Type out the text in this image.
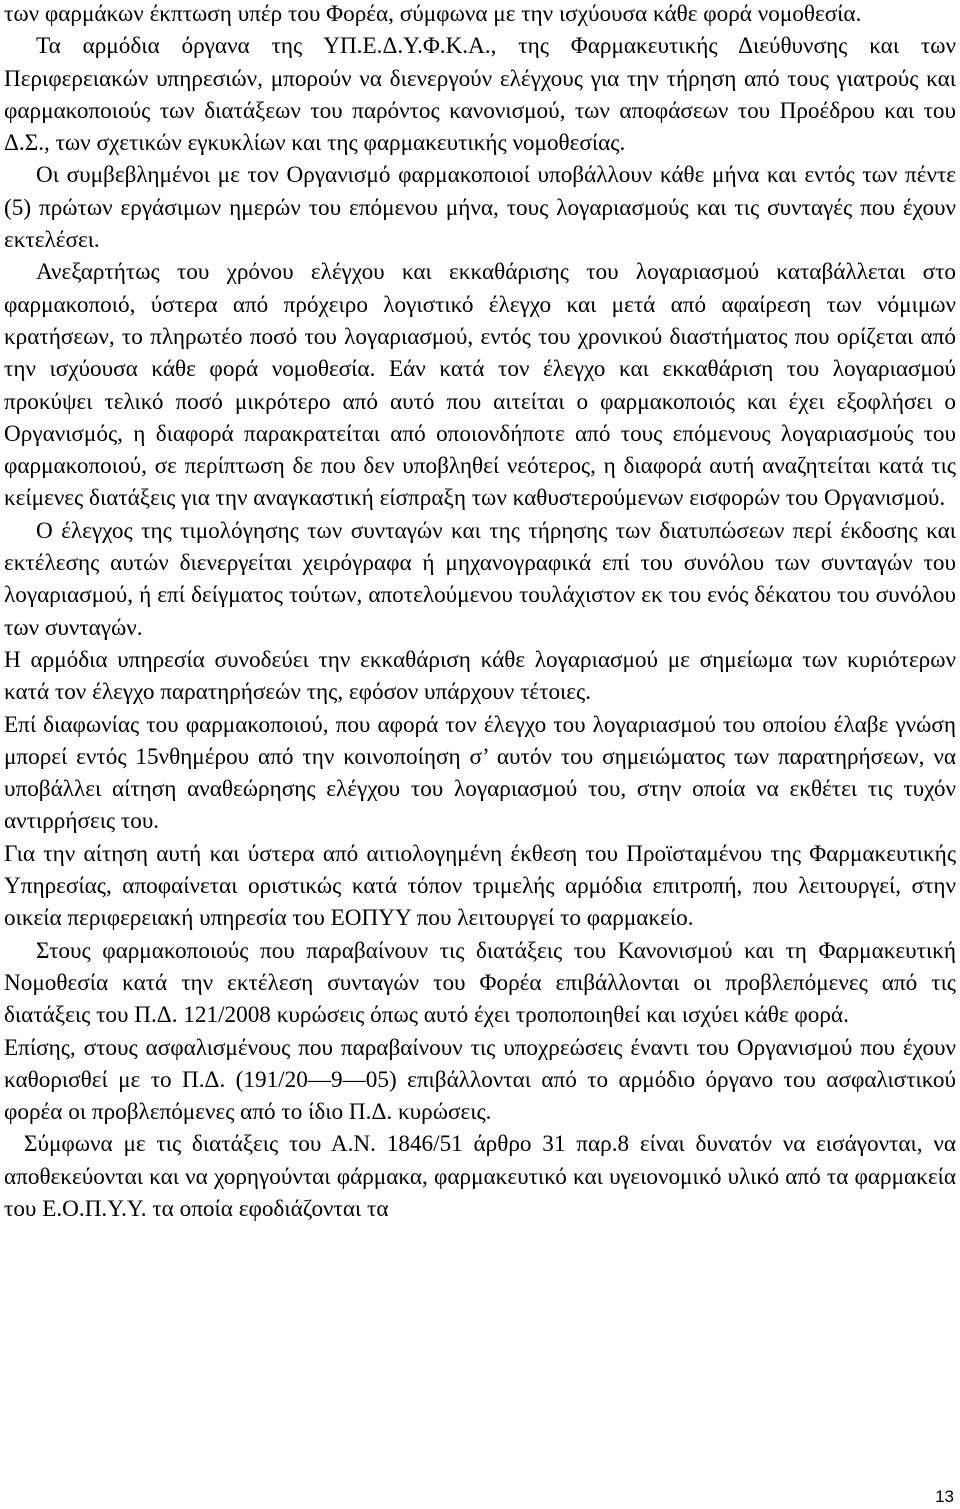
των φαρμάκων έκπτωση υπέρ του Φορέα, σύμφωνα με την ισχύουσα κάθε φορά νομοθεσία.

Τα αρμόδια όργανα της ΥΠ.Ε.Δ.Υ.Φ.Κ.Α., της Φαρμακευτικής Διεύθυνσης και των Περιφερειακών υπηρεσιών, μπορούν να διενεργούν ελέγχους για την τήρηση από τους γιατρούς και φαρμακοποιούς των διατάξεων του παρόντος κανονισμού, των αποφάσεων του Προέδρου και του Δ.Σ., των σχετικών εγκυκλίων και της φαρμακευτικής νομοθεσίας.

Οι συμβεβλημένοι με τον Οργανισμό φαρμακοποιοί υποβάλλουν κάθε μήνα και εντός των πέντε (5) πρώτων εργάσιμων ημερών του επόμενου μήνα, τους λογαριασμούς και τις συνταγές που έχουν εκτελέσει.

Ανεξαρτήτως του χρόνου ελέγχου και εκκαθάρισης του λογαριασμού καταβάλλεται στο φαρμακοποιό, ύστερα από πρόχειρο λογιστικό έλεγχο και μετά από αφαίρεση των νόμιμων κρατήσεων, το πληρωτέο ποσό του λογαριασμού, εντός του χρονικού διαστήματος που ορίζεται από την ισχύουσα κάθε φορά νομοθεσία. Εάν κατά τον έλεγχο και εκκαθάριση του λογαριασμού προκύψει τελικό ποσό μικρότερο από αυτό που αιτείται ο φαρμακοποιός και έχει εξοφλήσει ο Οργανισμός, η διαφορά παρακρατείται από οποιονδήποτε από τους επόμενους λογαριασμούς του φαρμακοποιού, σε περίπτωση δε που δεν υποβληθεί νεότερος, η διαφορά αυτή αναζητείται κατά τις κείμενες διατάξεις για την αναγκαστική είσπραξη των καθυστερούμενων εισφορών του Οργανισμού.

Ο έλεγχος της τιμολόγησης των συνταγών και της τήρησης των διατυπώσεων περί έκδοσης και εκτέλεσης αυτών διενεργείται χειρόγραφα ή μηχανογραφικά επί του συνόλου των συνταγών του λογαριασμού, ή επί δείγματος τούτων, αποτελούμενου τουλάχιστον εκ του ενός δέκατου του συνόλου των συνταγών.

Η αρμόδια υπηρεσία συνοδεύει την εκκαθάριση κάθε λογαριασμού με σημείωμα των κυριότερων κατά τον έλεγχο παρατηρήσεών της, εφόσον υπάρχουν τέτοιες.

Επί διαφωνίας του φαρμακοποιού, που αφορά τον έλεγχο του λογαριασμού του οποίου έλαβε γνώση μπορεί εντός 15νθημέρου από την κοινοποίηση σ’ αυτόν του σημειώματος των παρατηρήσεων, να υποβάλλει αίτηση αναθεώρησης ελέγχου του λογαριασμού του, στην οποία να εκθέτει τις τυχόν αντιρρήσεις του.

Για την αίτηση αυτή και ύστερα από αιτιολογημένη έκθεση του Προϊσταμένου της Φαρμακευτικής Υπηρεσίας, αποφαίνεται οριστικώς κατά τόπον τριμελής αρμόδια επιτροπή, που λειτουργεί, στην οικεία περιφερειακή υπηρεσία του ΕΟΠΥΥ που λειτουργεί το φαρμακείο.

Στους φαρμακοποιούς που παραβαίνουν τις διατάξεις του Κανονισμού και τη Φαρμακευτική Νομοθεσία κατά την εκτέλεση συνταγών του Φορέα επιβάλλονται οι προβλεπόμενες από τις διατάξεις του Π.Δ. 121/2008 κυρώσεις όπως αυτό έχει τροποποιηθεί και ισχύει κάθε φορά.

Επίσης, στους ασφαλισμένους που παραβαίνουν τις υποχρεώσεις έναντι του Οργανισμού που έχουν καθορισθεί με το Π.Δ. (191/20—9—05) επιβάλλονται από το αρμόδιο όργανο του ασφαλιστικού φορέα οι προβλεπόμενες από το ίδιο Π.Δ. κυρώσεις.

Σύμφωνα με τις διατάξεις του Α.Ν. 1846/51 άρθρο 31 παρ.8 είναι δυνατόν να εισάγονται, να αποθεκεύονται και να χορηγούνται φάρμακα, φαρμακευτικό και υγειονομικό υλικό από τα φαρμακεία του Ε.Ο.Π.Υ.Υ. τα οποία εφοδιάζονται τα

13
